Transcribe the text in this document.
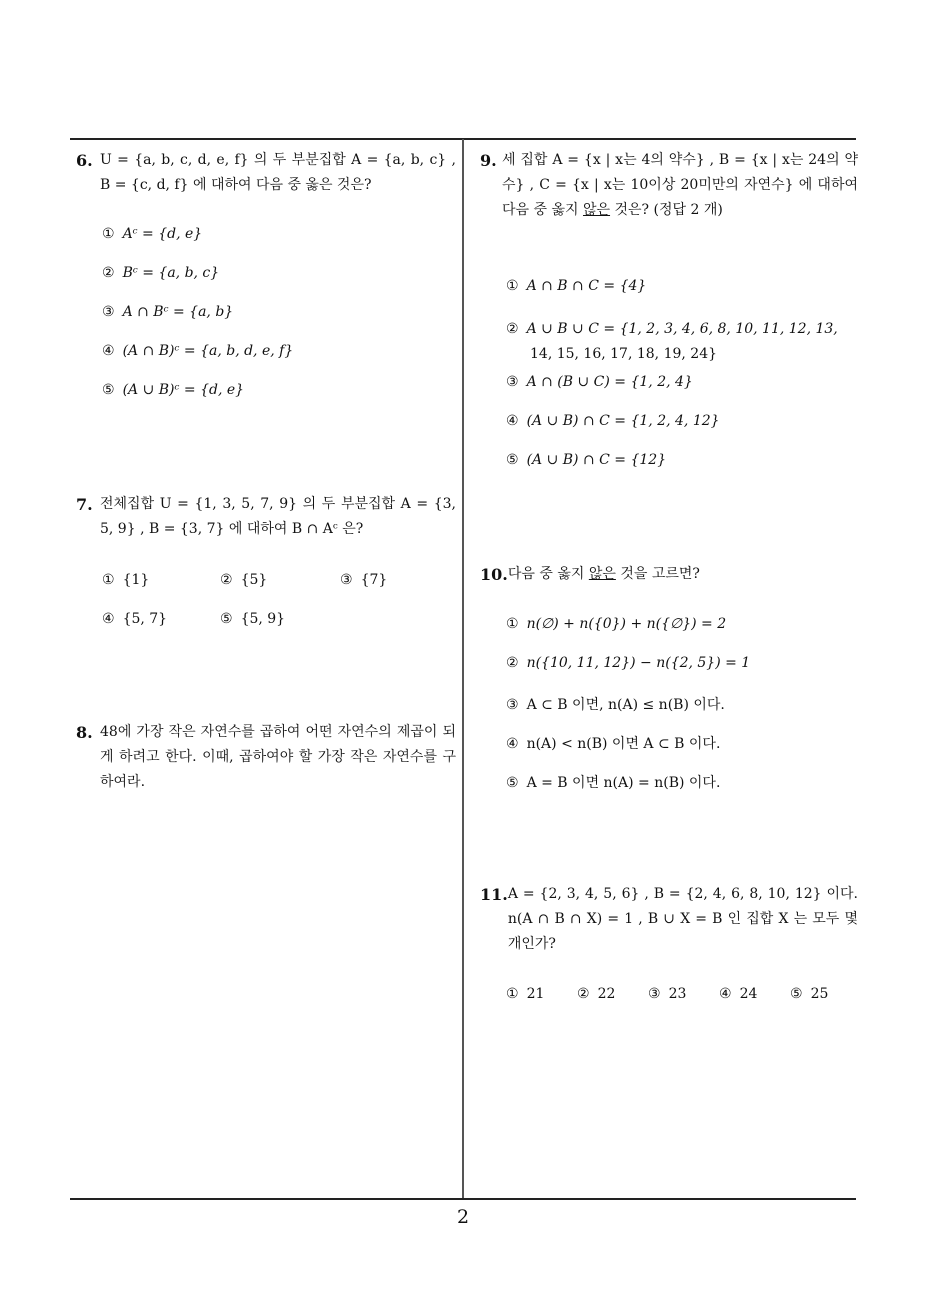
6. U = {a, b, c, d, e, f} 의 두 부분집합 A = {a, b, c} , B = {c, d, f} 에 대하여 다음 중 옳은 것은?
① Aᶜ = {d, e}
② Bᶜ = {a, b, c}
③ A ∩ Bᶜ = {a, b}
④ (A ∩ B)ᶜ = {a, b, d, e, f}
⑤ (A ∪ B)ᶜ = {d, e}
7. 전체집합 U = {1, 3, 5, 7, 9} 의 두 부분집합 A = {3, 5, 9} , B = {3, 7} 에 대하여 B ∩ Aᶜ 은?
① {1}	② {5}	③ {7}
④ {5, 7}	⑤ {5, 9}
8. 48에 가장 작은 자연수를 곱하여 어떤 자연수의 제곱이 되게 하려고 한다. 이때, 곱하여야 할 가장 작은 자연수를 구하여라.
9. 세 집합 A = {x | x는 4의 약수} , B = {x | x는 24의 약수} , C = {x | x는 10이상 20미만의 자연수} 에 대하여 다음 중 옳지 않은 것은? (정답 2 개)
① A ∩ B ∩ C = {4}
② A ∪ B ∪ C = {1, 2, 3, 4, 6, 8, 10, 11, 12, 13,
14, 15, 16, 17, 18, 19, 24}
③ A ∩ (B ∪ C) = {1, 2, 4}
④ (A ∪ B) ∩ C = {1, 2, 4, 12}
⑤ (A ∪ B) ∩ C = {12}
10. 다음 중 옳지 않은 것을 고르면?
① n(∅) + n({0}) + n({∅}) = 2
② n({10, 11, 12}) − n({2, 5}) = 1
③ A ⊂ B 이면, n(A) ≤ n(B) 이다.
④ n(A) < n(B) 이면 A ⊂ B 이다.
⑤ A = B 이면 n(A) = n(B) 이다.
11. A = {2, 3, 4, 5, 6} , B = {2, 4, 6, 8, 10, 12} 이다. n(A ∩ B ∩ X) = 1 , B ∪ X = B 인 집합 X 는 모두 몇 개인가?
① 21 ② 22 ③ 23 ④ 24 ⑤ 25
2
